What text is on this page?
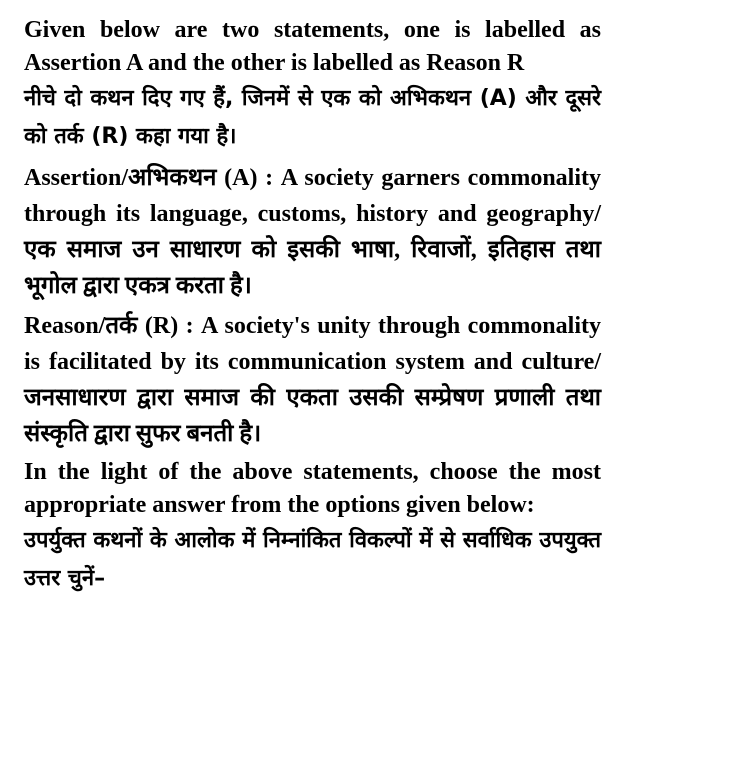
Given below are two statements, one is labelled as Assertion A and the other is labelled as Reason R

नीचे दो कथन दिए गए हैं, जिनमें से एक को अभिकथन (A) और दूसरे को तर्क (R) कहा गया है।

Assertion/अभिकथन (A) : A society garners commonality through its language, customs, history and geography/एक समाज उन साधारण को इसकी भाषा, रिवाजों, इतिहास तथा भूगोल द्वारा एकत्र करता है।

Reason/तर्क (R) : A society's unity through commonality is facilitated by its communication system and culture/जनसाधारण द्वारा समाज की एकता उसकी सम्प्रेषण प्रणाली तथा संस्कृति द्वारा सुफर बनती है।

In the light of the above statements, choose the most appropriate answer from the options given below:

उपर्युक्त कथनों के आलोक में निम्नांकित विकल्पों में से सर्वाधिक उपयुक्त उत्तर चुनें–
